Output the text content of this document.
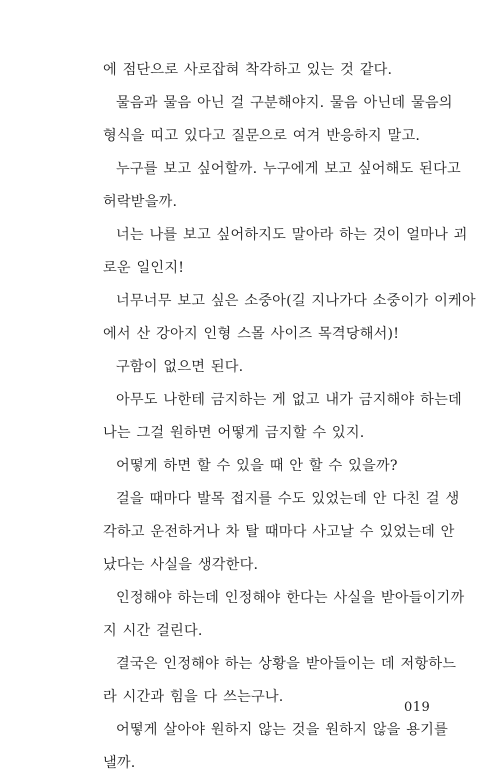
에 점단으로 사로잡혀 착각하고 있는 것 같다.
물음과 물음 아닌 걸 구분해야지. 물음 아닌데 물음의
형식을 띠고 있다고 질문으로 여겨 반응하지 말고.
누구를 보고 싶어할까. 누구에게 보고 싶어해도 된다고
허락받을까.
너는 나를 보고 싶어하지도 말아라 하는 것이 얼마나 괴
로운 일인지!
너무너무 보고 싶은 소중아(길 지나가다 소중이가 이케아
에서 산 강아지 인형 스몰 사이즈 목격당해서)!
구함이 없으면 된다.
아무도 나한테 금지하는 게 없고 내가 금지해야 하는데
나는 그걸 원하면 어떻게 금지할 수 있지.
어떻게 하면 할 수 있을 때 안 할 수 있을까?
걸을 때마다 발목 접지를 수도 있었는데 안 다친 걸 생
각하고 운전하거나 차 탈 때마다 사고날 수 있었는데 안
났다는 사실을 생각한다.
인정해야 하는데 인정해야 한다는 사실을 받아들이기까
지 시간 걸린다.
결국은 인정해야 하는 상황을 받아들이는 데 저항하느
라 시간과 힘을 다 쓰는구나.
어떻게 살아야 원하지 않는 것을 원하지 않을 용기를
낼까.
019
